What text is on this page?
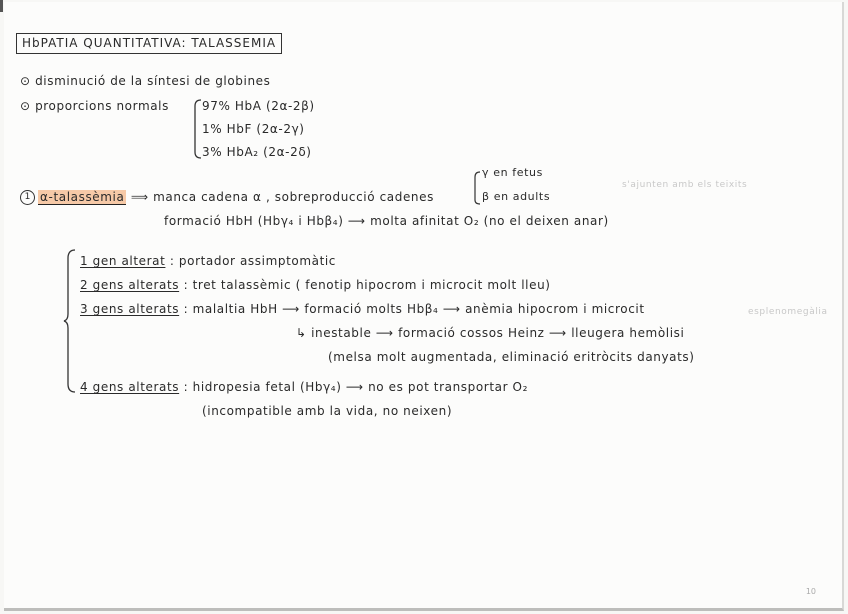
HbPATIA QUANTITATIVA: TALASSEMIA
⊙ disminució de la síntesi de globines
⊙ proporcions normals	97% HbA (2α-2β)
1% HbF (2α-2γ)
3% HbA₂ (2α-2δ)
1 α-talassèmia ⟹ manca cadena α , sobreproducció cadenes
γ en fetus
β en adults
s'ajunten amb els teixits
formació HbH (Hbγ₄ i Hbβ₄) ⟶ molta afinitat O₂ (no el deixen anar)
1 gen alterat : portador assimptomàtic
2 gens alterats : tret talassèmic ( fenotip hipocrom i microcit molt lleu)
3 gens alterats : malaltia HbH ⟶ formació molts Hbβ₄ ⟶ anèmia hipocrom i microcit	esplenomegàlia
↳ inestable ⟶ formació cossos Heinz ⟶ lleugera hemòlisi
(melsa molt augmentada, eliminació eritròcits danyats)
4 gens alterats : hidropesia fetal (Hbγ₄) ⟶ no es pot transportar O₂
(incompatible amb la vida, no neixen)
10
